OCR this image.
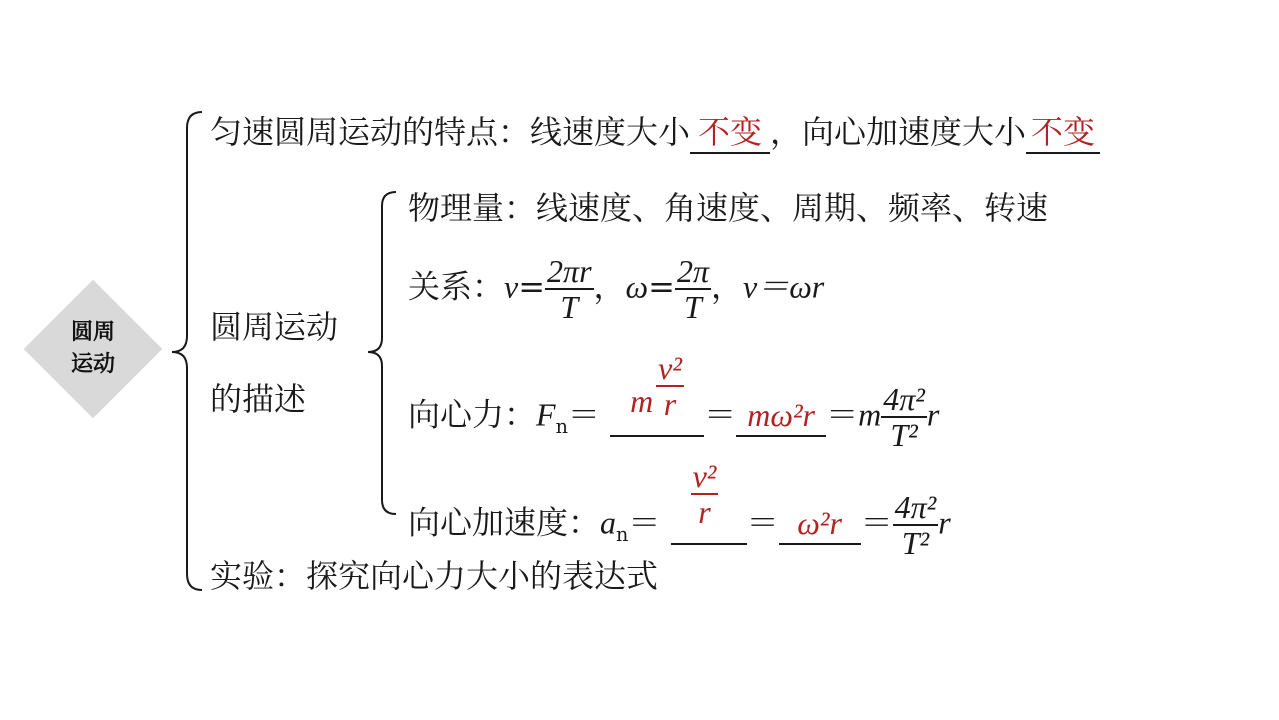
圆周
运动
匀速圆周运动的特点：线速度大小 不变 ，向心加速度大小 不变
圆周运动
的描述
物理量：线速度、角速度、周期、频率、转速
关系：$v= \frac{2\pi r}{T}$ ，$\omega= \frac{2\pi}{T}$ ，v＝ωr
向心力：$F_n= m \frac{\text{v²}}{r} = m\omega^2r =m \frac{\text{4π²}}{\text{T²}}$ r
向心加速度：$a_n= \frac{\text{v²}}{r} = \omega^2r = \frac{\text{4π²}}{\text{T²}}$ r
实验：探究向心力大小的表达式
